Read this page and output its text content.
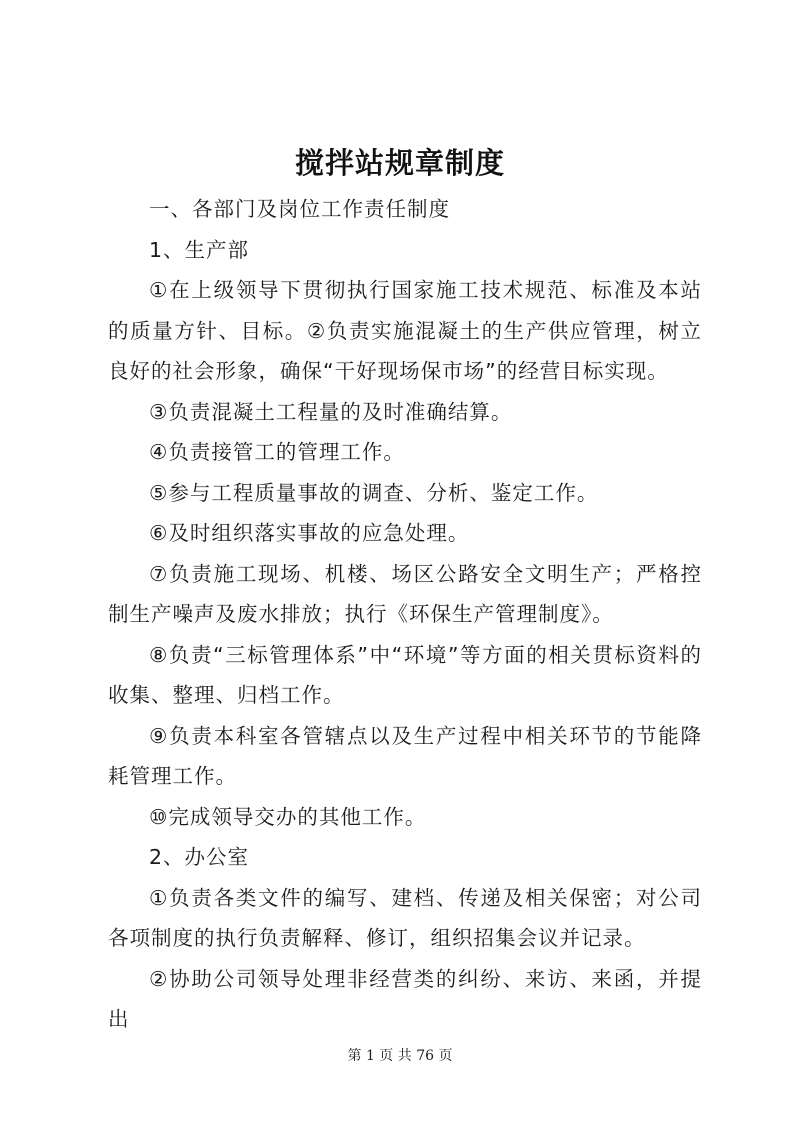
搅拌站规章制度

一、各部门及岗位工作责任制度

1、生产部

①在上级领导下贯彻执行国家施工技术规范、标准及本站的质量方针、目标。②负责实施混凝土的生产供应管理，树立良好的社会形象，确保“干好现场保市场”的经营目标实现。

③负责混凝土工程量的及时准确结算。

④负责接管工的管理工作。

⑤参与工程质量事故的调查、分析、鉴定工作。

⑥及时组织落实事故的应急处理。

⑦负责施工现场、机楼、场区公路安全文明生产；严格控制生产噪声及废水排放；执行《环保生产管理制度》。

⑧负责“三标管理体系”中“环境”等方面的相关贯标资料的收集、整理、归档工作。

⑨负责本科室各管辖点以及生产过程中相关环节的节能降耗管理工作。

⑩完成领导交办的其他工作。

2、办公室

①负责各类文件的编写、建档、传递及相关保密；对公司各项制度的执行负责解释、修订，组织招集会议并记录。

②协助公司领导处理非经营类的纠纷、来访、来函，并提出

第 1 页 共 76 页
